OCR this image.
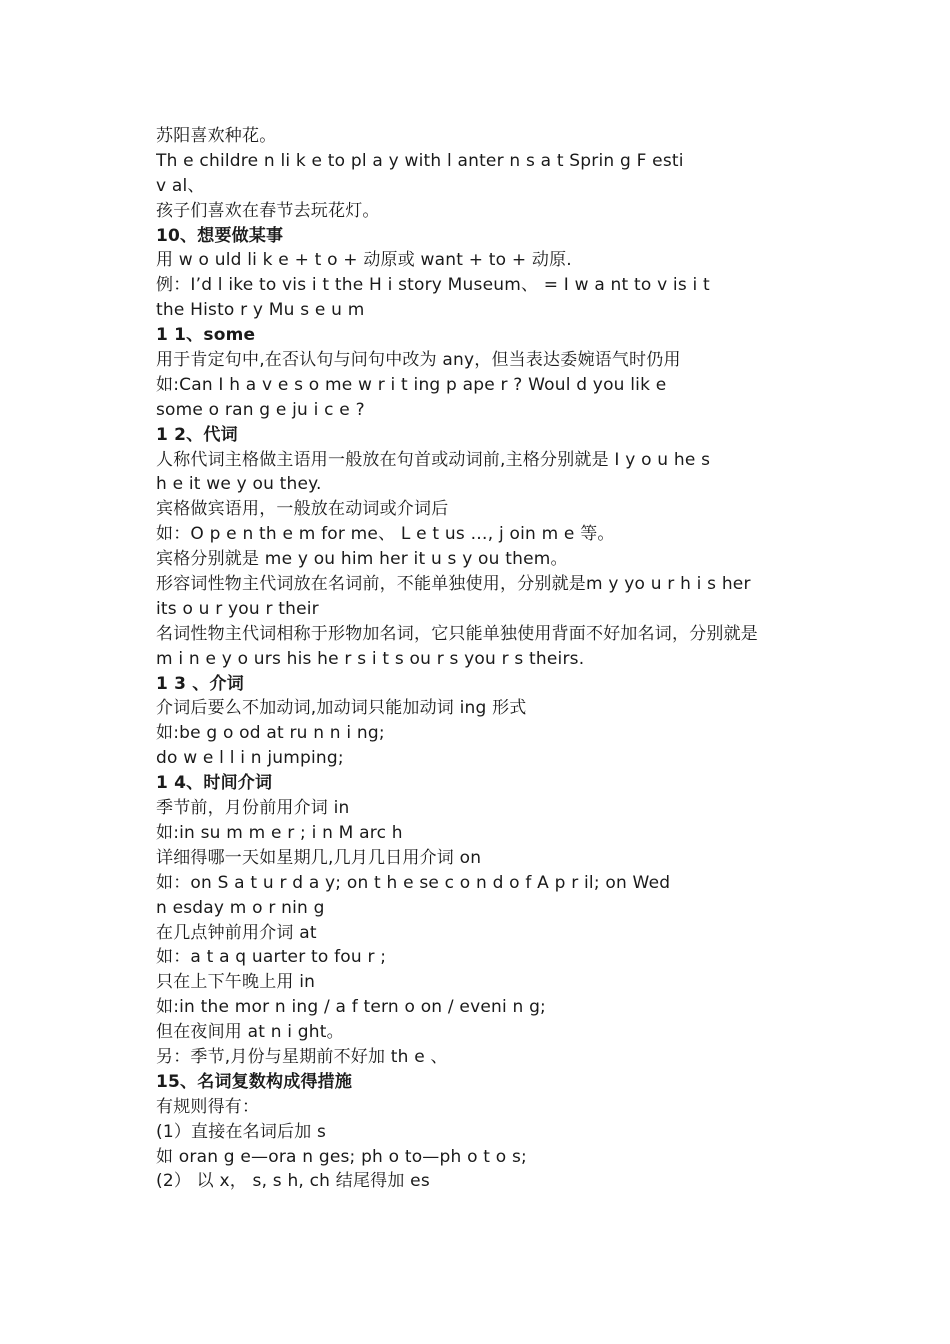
苏阳喜欢种花。
Th e childre n li k e to pl a y with l anter n s a t Sprin g F esti
v al、
孩子们喜欢在春节去玩花灯。
10、想要做某事
用 w o uld li k e + t o + 动原或 want + to + 动原.
例：I’d l ike to vis i t the H i story Museum、 = I w a nt to v is i t
the Histo r y Mu s e u m
1 1、some
用于肯定句中,在否认句与问句中改为 any，但当表达委婉语气时仍用
如:Can I h a v e s o me w r i t ing p ape r ? Woul d you lik e
some o ran g e ju i c e ?
1 2、代词
人称代词主格做主语用一般放在句首或动词前,主格分别就是 I y o u he s
h e it we y ou they.
宾格做宾语用，一般放在动词或介词后
如：O p e n th e m for me、 L e t us …, j oin m e 等。
宾格分别就是 me y ou him her it u s y ou them。
形容词性物主代词放在名词前，不能单独使用，分别就是m y yo u r h i s her
its o u r you r their
名词性物主代词相称于形物加名词，它只能单独使用背面不好加名词，分别就是
m i n e y o urs his he r s i t s ou r s you r s theirs.
1 3 、介词
介词后要么不加动词,加动词只能加动词 ing 形式
如:be g o od at ru n n i ng;
do w e l l i n jumping;
1 4、时间介词
季节前，月份前用介词 in
如:in su m m e r ; i n M arc h
详细得哪一天如星期几,几月几日用介词 on
如：on S a t u r d a y; on t h e se c o n d o f A p r il; on Wed
n esday m o r nin g
在几点钟前用介词 at
如：a t a q uarter to fou r ;
只在上下午晚上用 in
如:in the mor n ing / a f tern o on / eveni n g;
但在夜间用 at n i ght。
另：季节,月份与星期前不好加 th e 、
15、名词复数构成得措施
有规则得有：
(1）直接在名词后加 s
如 oran g e—ora n ges; ph o to—ph o t o s;
(2） 以 x， s, s h, ch 结尾得加 es
